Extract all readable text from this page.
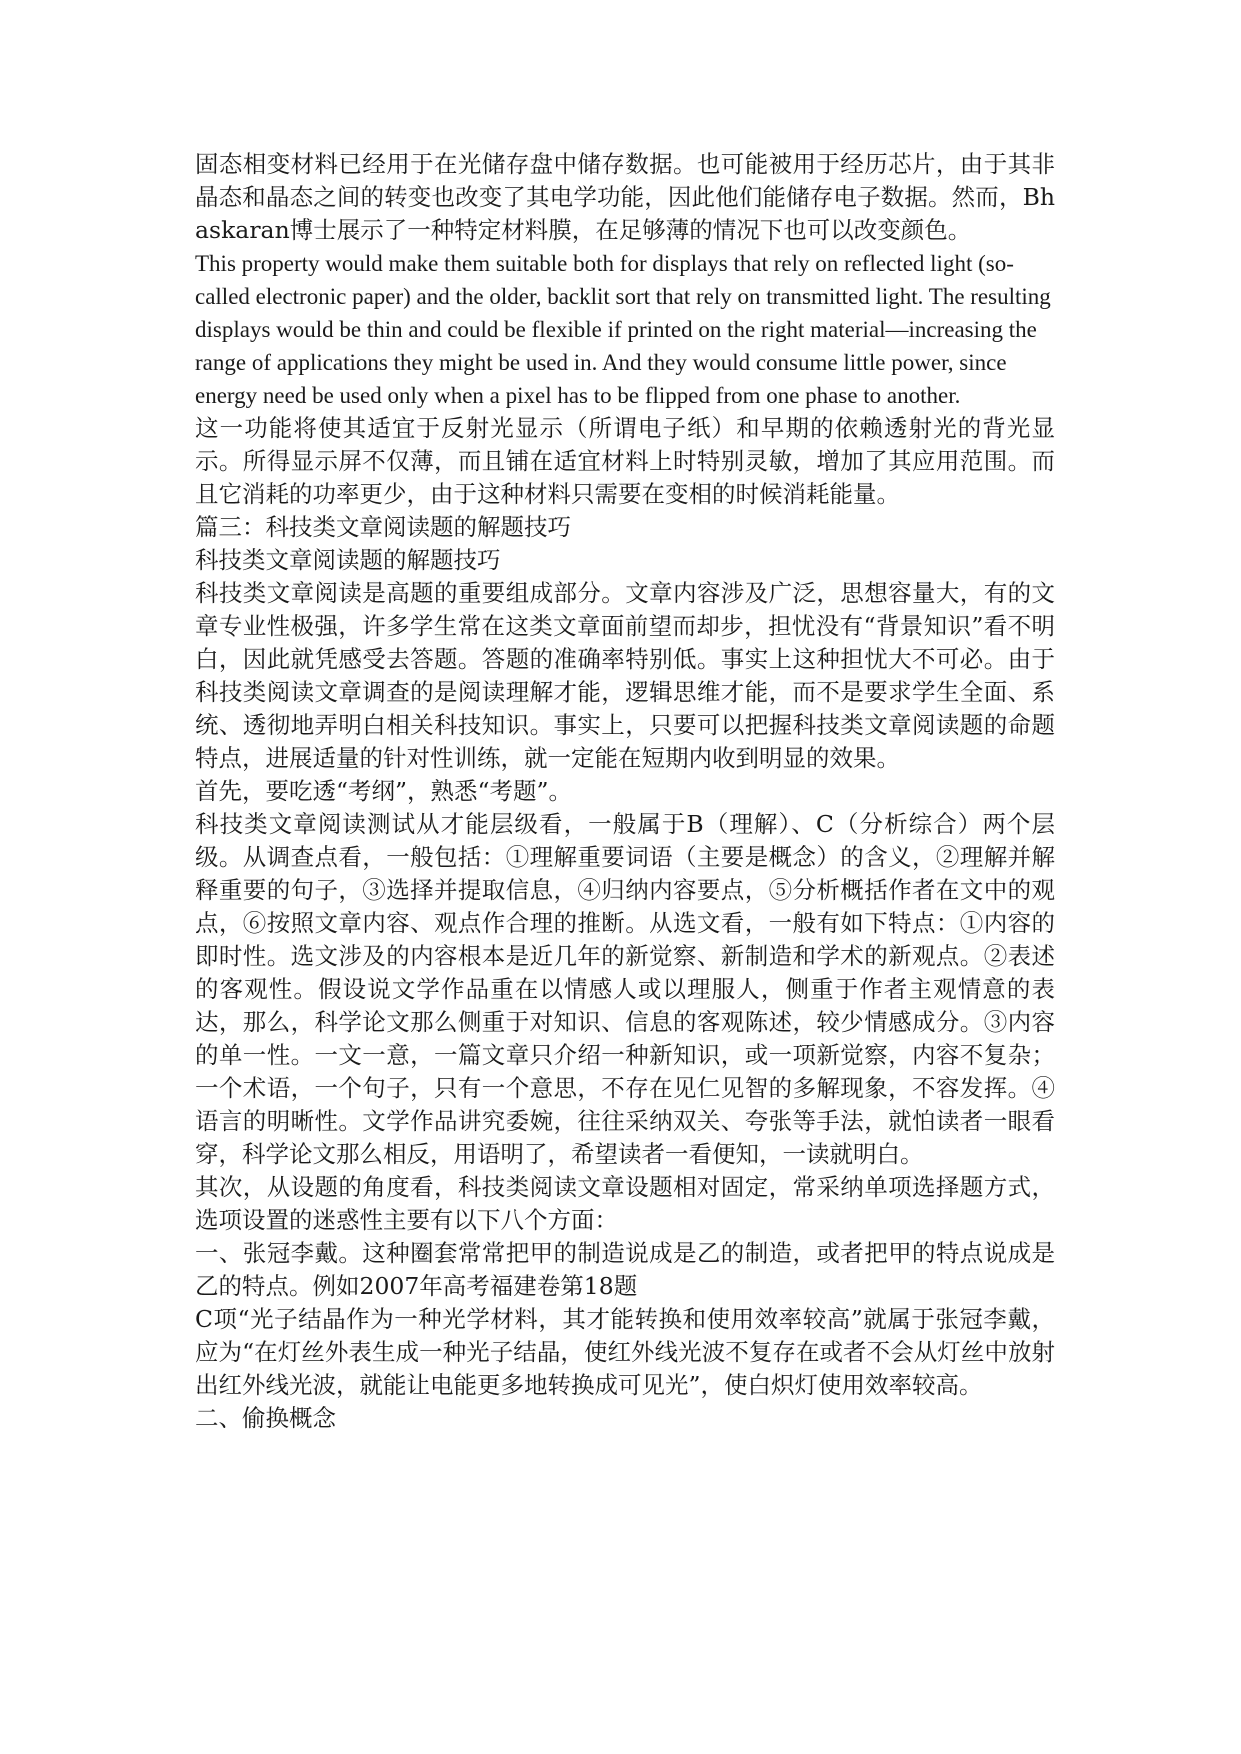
固态相变材料已经用于在光储存盘中储存数据。也可能被用于经历芯片，由于其非晶态和晶态之间的转变也改变了其电学功能，因此他们能储存电子数据。然而，Bhaskaran博士展示了一种特定材料膜，在足够薄的情况下也可以改变颜色。

This property would make them suitable both for displays that rely on reflected light (so-called electronic paper) and the older, backlit sort that rely on transmitted light. The resulting displays would be thin and could be flexible if printed on the right material—increasing the range of applications they might be used in. And they would consume little power, since energy need be used only when a pixel has to be flipped from one phase to another.

这一功能将使其适宜于反射光显示（所谓电子纸）和早期的依赖透射光的背光显示。所得显示屏不仅薄，而且铺在适宜材料上时特别灵敏，增加了其应用范围。而且它消耗的功率更少，由于这种材料只需要在变相的时候消耗能量。

篇三：科技类文章阅读题的解题技巧

科技类文章阅读题的解题技巧

科技类文章阅读是高题的重要组成部分。文章内容涉及广泛，思想容量大，有的文章专业性极强，许多学生常在这类文章面前望而却步，担忧没有“背景知识”看不明白，因此就凭感受去答题。答题的准确率特别低。事实上这种担忧大不可必。由于科技类阅读文章调查的是阅读理解才能，逻辑思维才能，而不是要求学生全面、系统、透彻地弄明白相关科技知识。事实上，只要可以把握科技类文章阅读题的命题特点，进展适量的针对性训练，就一定能在短期内收到明显的效果。

首先，要吃透“考纲”，熟悉“考题”。

科技类文章阅读测试从才能层级看，一般属于B（理解）、C（分析综合）两个层级。从调查点看，一般包括：①理解重要词语（主要是概念）的含义，②理解并解释重要的句子，③选择并提取信息，④归纳内容要点，⑤分析概括作者在文中的观点，⑥按照文章内容、观点作合理的推断。从选文看，一般有如下特点：①内容的即时性。选文涉及的内容根本是近几年的新觉察、新制造和学术的新观点。②表述的客观性。假设说文学作品重在以情感人或以理服人，侧重于作者主观情意的表达，那么，科学论文那么侧重于对知识、信息的客观陈述，较少情感成分。③内容的单一性。一文一意，一篇文章只介绍一种新知识，或一项新觉察，内容不复杂；一个术语，一个句子，只有一个意思，不存在见仁见智的多解现象，不容发挥。④语言的明晰性。文学作品讲究委婉，往往采纳双关、夸张等手法，就怕读者一眼看穿，科学论文那么相反，用语明了，希望读者一看便知，一读就明白。

其次，从设题的角度看，科技类阅读文章设题相对固定，常采纳单项选择题方式，选项设置的迷惑性主要有以下八个方面：

一、张冠李戴。这种圈套常常把甲的制造说成是乙的制造，或者把甲的特点说成是乙的特点。例如2007年高考福建卷第18题

C项“光子结晶作为一种光学材料，其才能转换和使用效率较高”就属于张冠李戴，应为“在灯丝外表生成一种光子结晶，使红外线光波不复存在或者不会从灯丝中放射出红外线光波，就能让电能更多地转换成可见光”，使白炽灯使用效率较高。

二、偷换概念
